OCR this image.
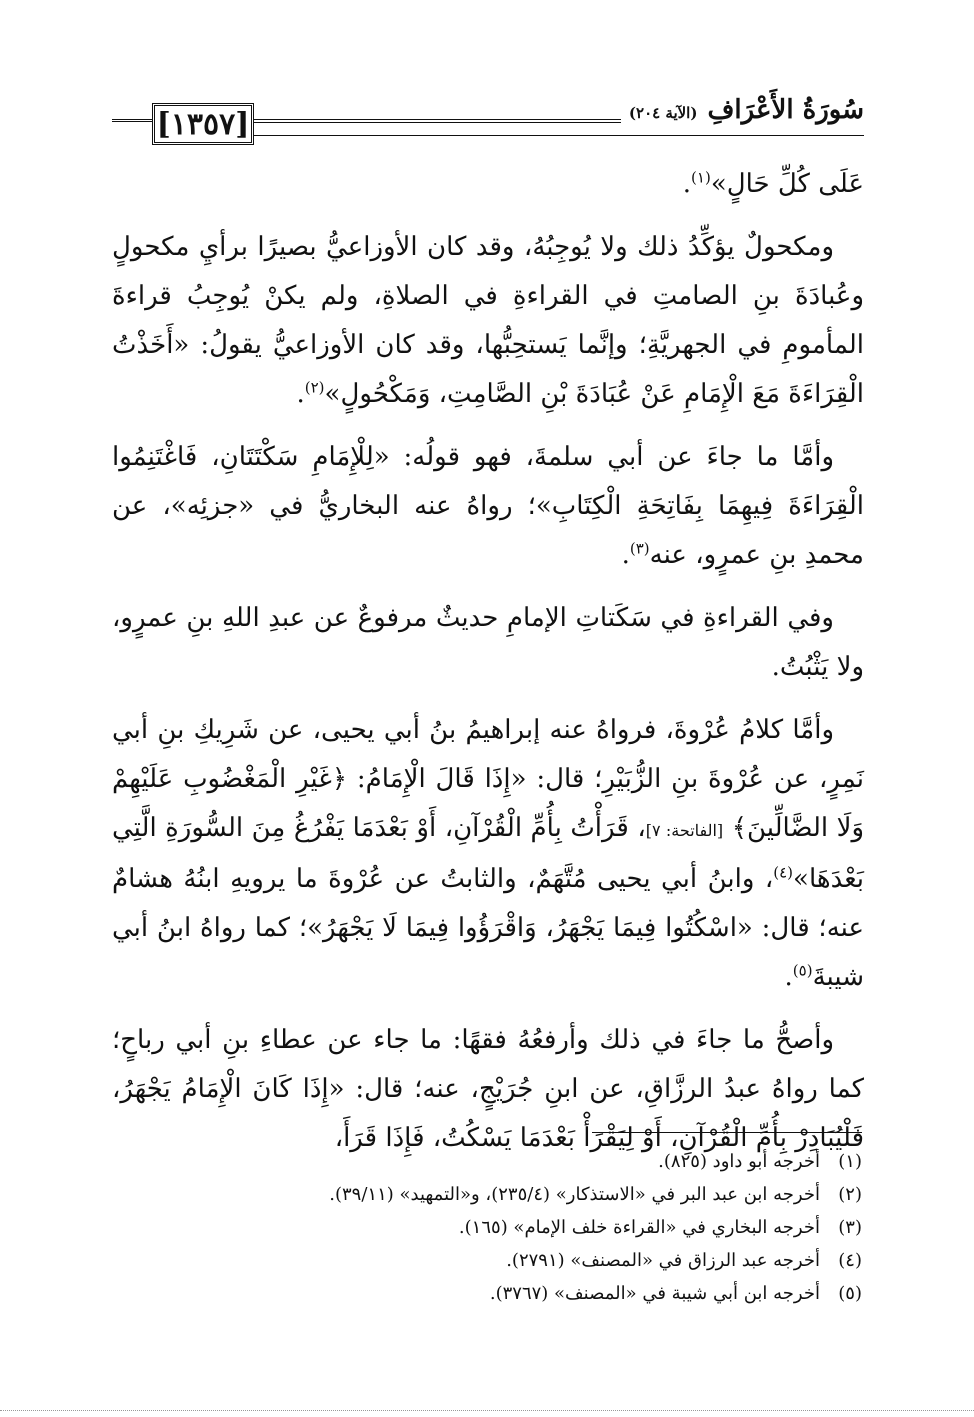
[١٣٥٧]	سُورَةُ الأَعْرَافِ
(الآية ٢٠٤)

عَلَى كُلِّ حَالٍ»$^{(١)}$.

ومكحولٌ يؤكِّدُ ذلك ولا يُوجِبُهُ، وقد كان الأوزاعيُّ بصيرًا برأيِ مكحولٍ وعُبادَةَ بنِ الصامتِ في القراءةِ في الصلاةِ، ولم يكنْ يُوجِبُ قراءةَ المأمومِ في الجهريَّةِ؛ وإنَّما يَستحِبُّها، وقد كان الأوزاعيُّ يقولُ: «أَخَذْتُ الْقِرَاءَةَ مَعَ الْإِمَامِ عَنْ عُبَادَةَ بْنِ الصَّامِتِ، وَمَكْحُولٍ»$^{(٢)}$.

وأمَّا ما جاءَ عن أبي سلمةَ، فهو قولُه: «لِلْإِمَامِ سَكْتَتَانِ، فَاغْتَنِمُوا الْقِرَاءَةَ فِيهِمَا بِفَاتِحَةِ الْكِتَابِ»؛ رواهُ عنه البخاريُّ في «جزئِه»، عن محمدِ بنِ عمرٍو، عنه$^{(٣)}$.

وفي القراءةِ في سَكَتاتِ الإمامِ حديثٌ مرفوعٌ عن عبدِ اللهِ بنِ عمرٍو، ولا يَثْبُتُ.

وأمَّا كلامُ عُرْوةَ، فرواهُ عنه إبراهيمُ بنُ أبي يحيى، عن شَرِيكِ بنِ أبي نَمِرٍ، عن عُرْوةَ بنِ الزُّبَيْرِ؛ قال: «إِذَا قَالَ الْإِمَامُ: ﴿غَيْرِ الْمَغْضُوبِ عَلَيْهِمْ وَلَا الضَّالِّينَ﴾ [الفاتحة: ٧]، قَرَأْتُ بِأُمِّ الْقُرْآنِ، أَوْ بَعْدَمَا يَفْرُغُ مِنَ السُّورَةِ الَّتِي بَعْدَهَا»$^{(٤)}$، وابنُ أبي يحيى مُتَّهَمٌ، والثابتُ عن عُرْوةَ ما يرويهِ ابنُهُ هشامٌ عنه؛ قال: «اسْكُتُوا فِيمَا يَجْهَرُ، وَاقْرَؤُوا فِيمَا لَا يَجْهَرُ»؛ كما رواهُ ابنُ أبي شيبةَ$^{(٥)}$.

وأصحُّ ما جاءَ في ذلك وأرفعُهُ فقهًا: ما جاء عن عطاءِ بنِ أبي رباحٍ؛ كما رواهُ عبدُ الرزَّاقِ، عن ابنِ جُرَيْجٍ، عنه؛ قال: «إِذَا كَانَ الْإِمَامُ يَجْهَرُ، فَلْيُبَادِرْ بِأُمِّ الْقُرْآنِ، أَوْ لِيَقْرَأْ بَعْدَمَا يَسْكُتُ، فَإِذَا قَرَأَ،

(١)
أخرجه أبو داود (٨٢٥).
(٢)
أخرجه ابن عبد البر في «الاستذكار» (٢٣٥/٤)، و«التمهيد» (٣٩/١١).
(٣)
أخرجه البخاري في «القراءة خلف الإمام» (١٦٥).
(٤)
أخرجه عبد الرزاق في «المصنف» (٢٧٩١).
(٥)
أخرجه ابن أبي شيبة في «المصنف» (٣٧٦٧).
